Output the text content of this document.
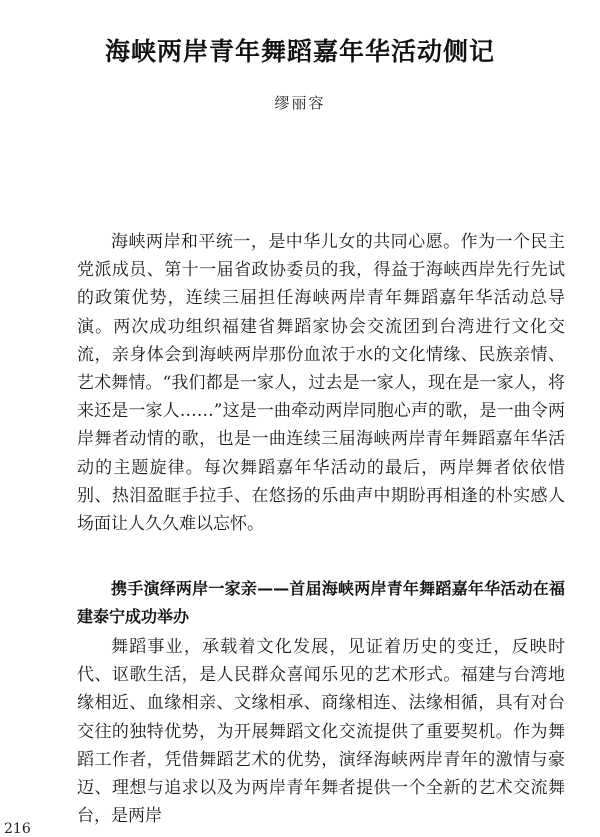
海峡两岸青年舞蹈嘉年华活动侧记

缪丽容

海峡两岸和平统一，是中华儿女的共同心愿。作为一个民主党派成员、第十一届省政协委员的我，得益于海峡西岸先行先试的政策优势，连续三届担任海峡两岸青年舞蹈嘉年华活动总导演。两次成功组织福建省舞蹈家协会交流团到台湾进行文化交流，亲身体会到海峡两岸那份血浓于水的文化情缘、民族亲情、艺术舞情。“我们都是一家人，过去是一家人，现在是一家人，将来还是一家人……”这是一曲牵动两岸同胞心声的歌，是一曲令两岸舞者动情的歌，也是一曲连续三届海峡两岸青年舞蹈嘉年华活动的主题旋律。每次舞蹈嘉年华活动的最后，两岸舞者依依惜别、热泪盈眶手拉手、在悠扬的乐曲声中期盼再相逢的朴实感人场面让人久久难以忘怀。

携手演绎两岸一家亲——首届海峡两岸青年舞蹈嘉年华活动在福建泰宁成功举办

舞蹈事业，承载着文化发展，见证着历史的变迁，反映时代、讴歌生活，是人民群众喜闻乐见的艺术形式。福建与台湾地缘相近、血缘相亲、文缘相承、商缘相连、法缘相循，具有对台交往的独特优势，为开展舞蹈文化交流提供了重要契机。作为舞蹈工作者，凭借舞蹈艺术的优势，演绎海峡两岸青年的激情与豪迈、理想与追求以及为两岸青年舞者提供一个全新的艺术交流舞台，是两岸

216
